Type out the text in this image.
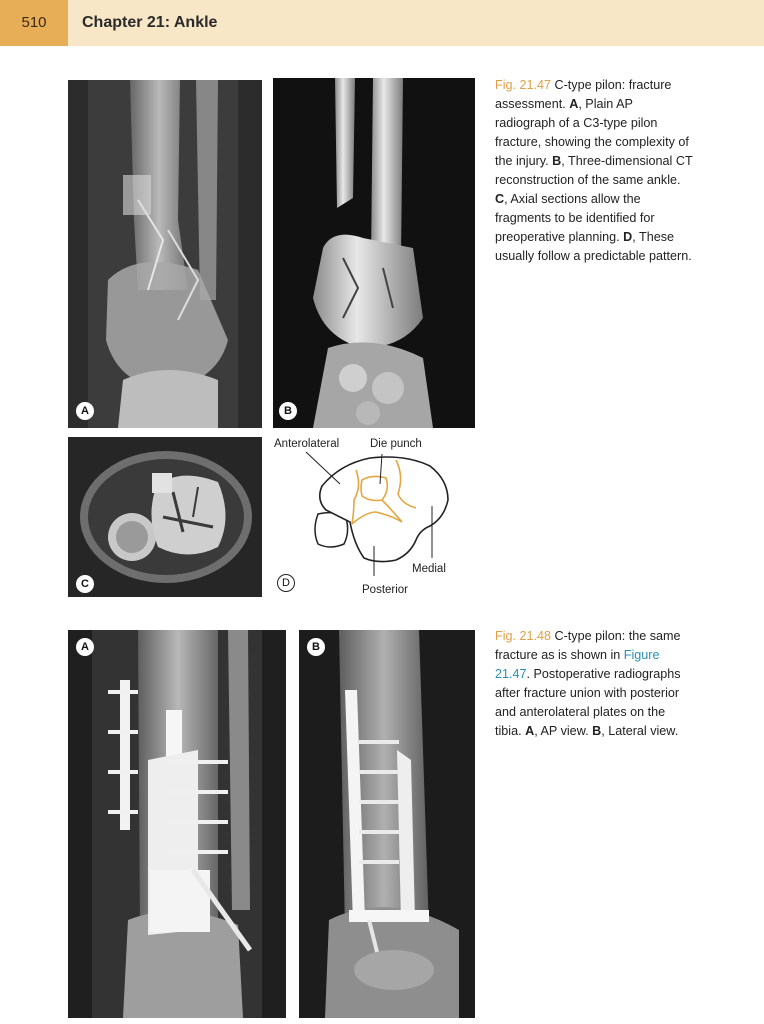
510	Chapter 21: Ankle
A	B
C
Anterolateral	Die punch
Medial
Posterior
D
Fig. 21.47 C-type pilon: fracture assessment. A, Plain AP radiograph of a C3-type pilon fracture, showing the complexity of the injury. B, Three-dimensional CT reconstruction of the same ankle. C, Axial sections allow the fragments to be identified for preoperative planning. D, These usually follow a predictable pattern.
A	B
Fig. 21.48 C-type pilon: the same fracture as is shown in Figure 21.47. Postoperative radiographs after fracture union with posterior and anterolateral plates on the tibia. A, AP view. B, Lateral view.
